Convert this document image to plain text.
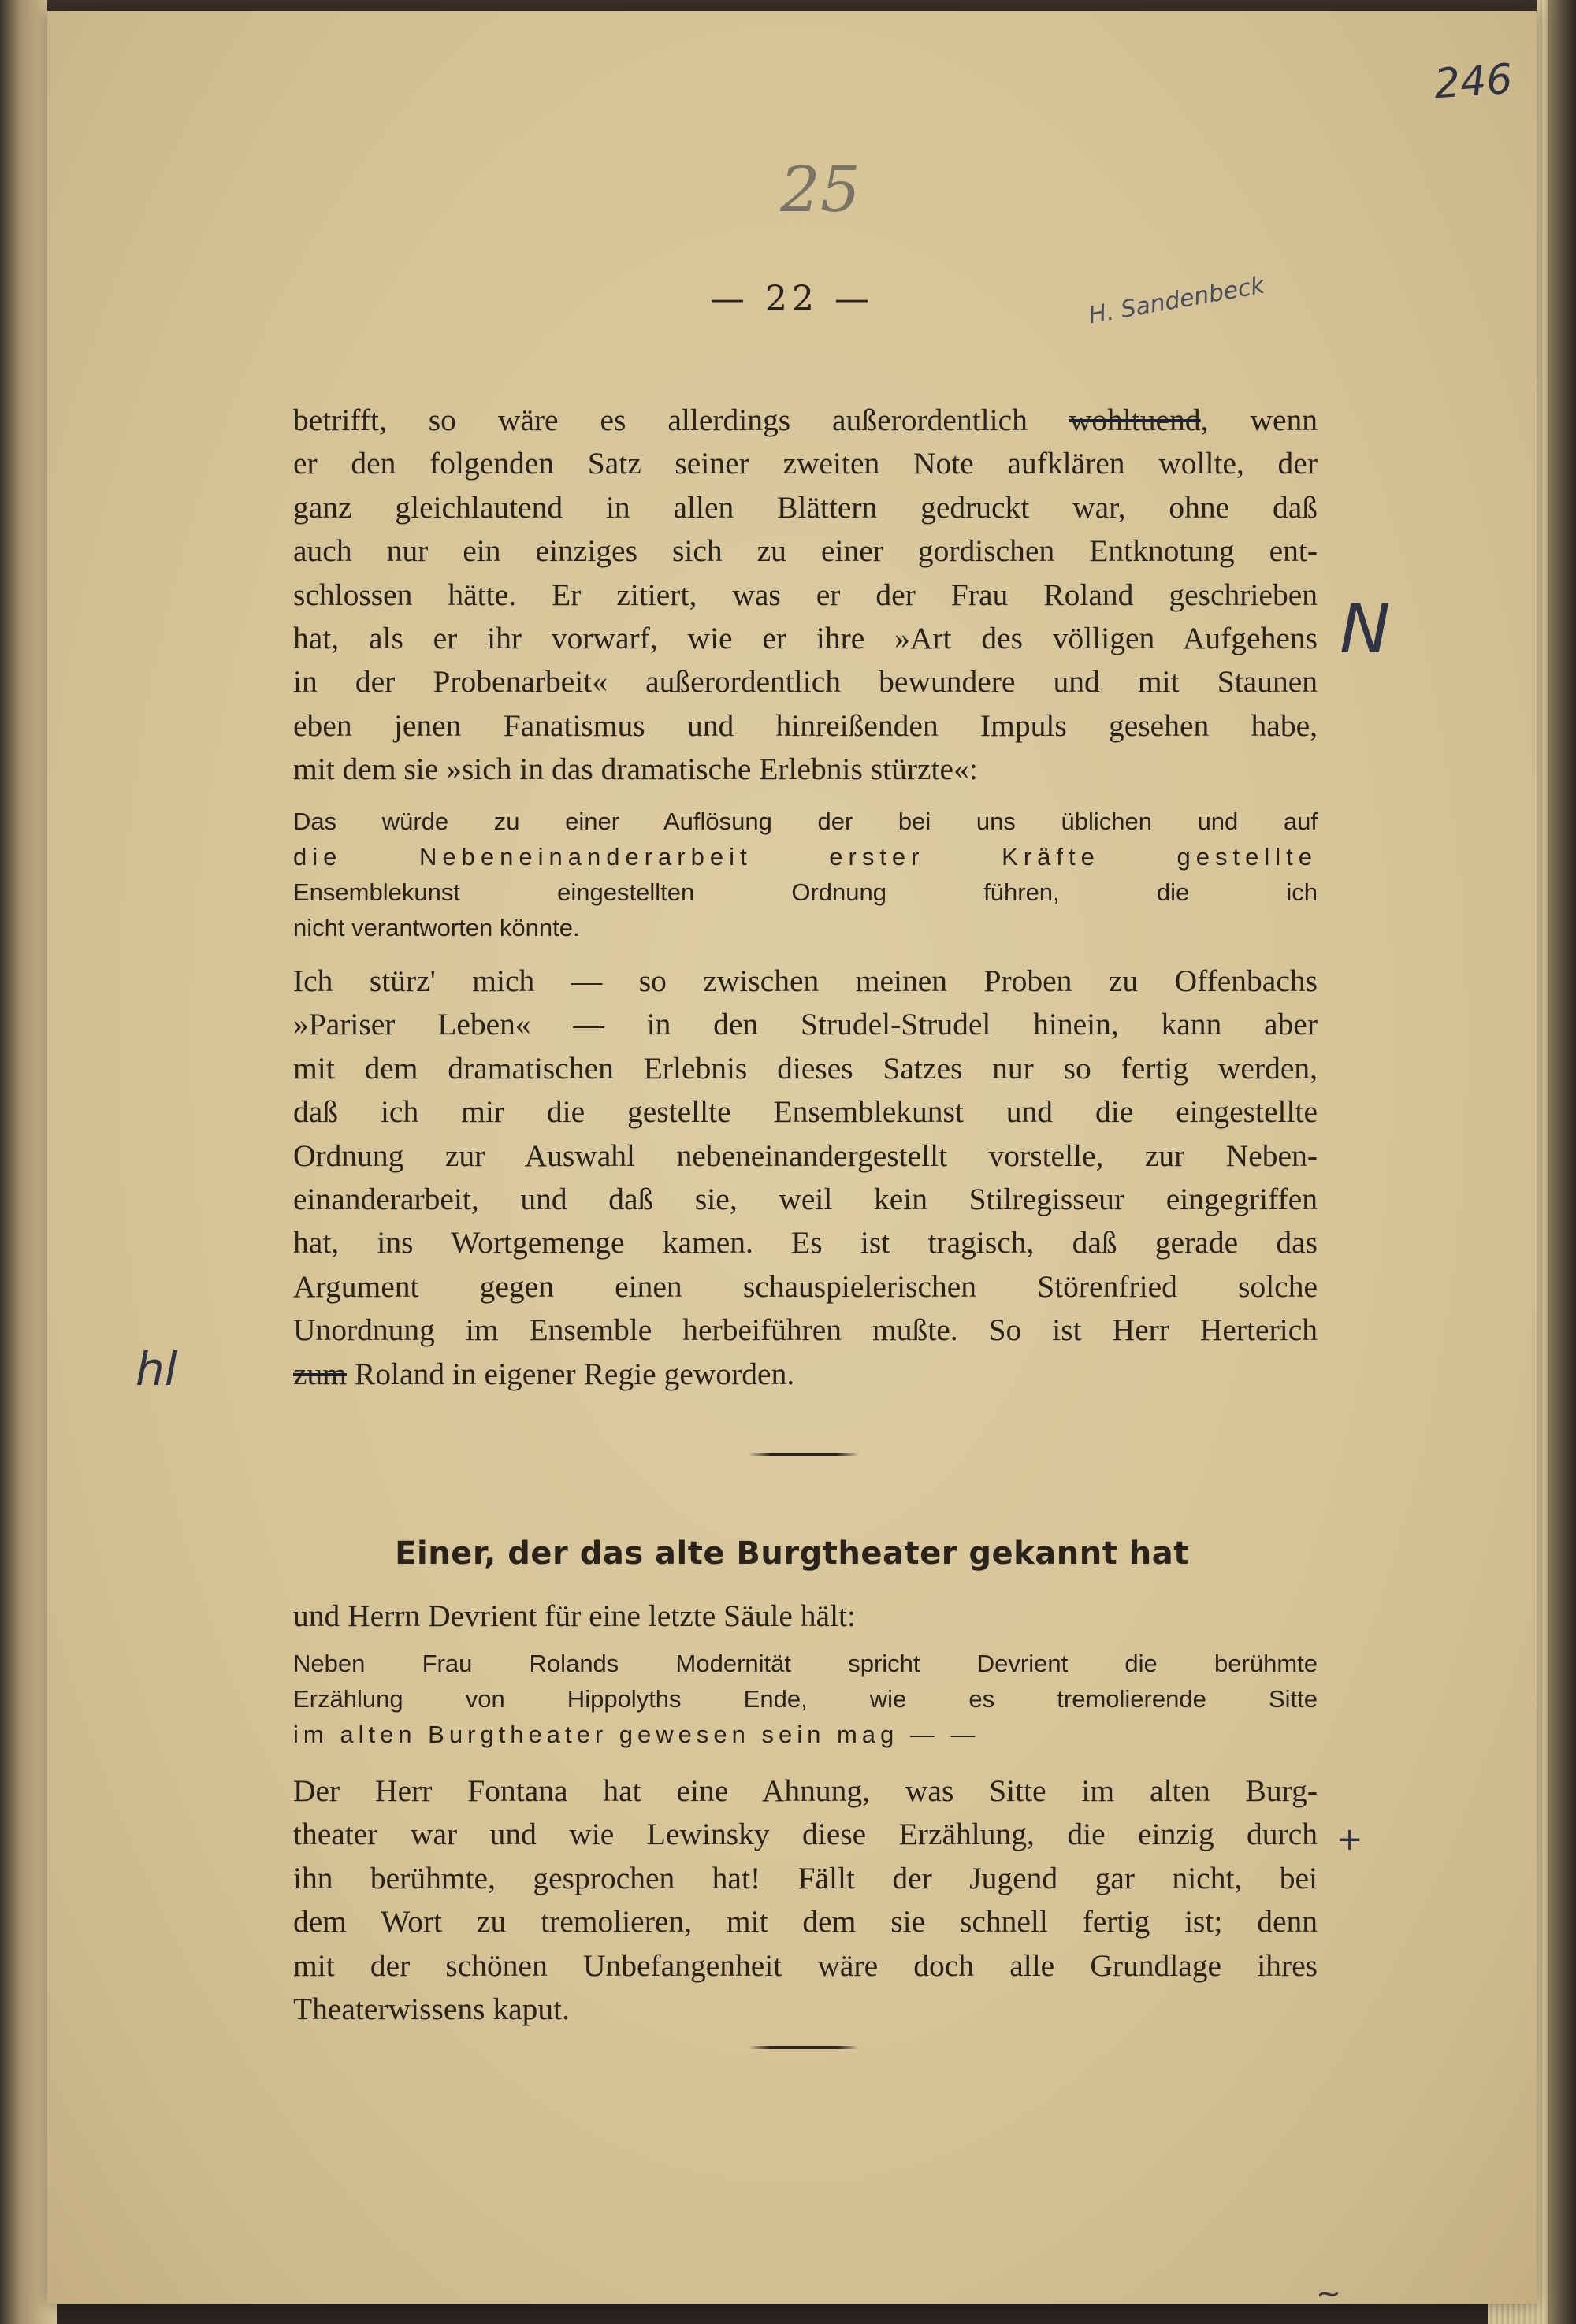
246
25
H. Sandenbeck
N
hl
+
~
— 22 —
betrifft, so wäre es allerdings außerordentlich wohltuend, wenn
er den folgenden Satz seiner zweiten Note aufklären wollte, der
ganz gleichlautend in allen Blättern gedruckt war, ohne daß
auch nur ein einziges sich zu einer gordischen Entknotung ent-
schlossen hätte. Er zitiert, was er der Frau Roland geschrieben
hat, als er ihr vorwarf, wie er ihre »Art des völligen Aufgehens
in der Probenarbeit« außerordentlich bewundere und mit Staunen
eben jenen Fanatismus und hinreißenden Impuls gesehen habe,
mit dem sie »sich in das dramatische Erlebnis stürzte«:
Das würde zu einer Auflösung der bei uns üblichen und auf
die Nebeneinanderarbeit erster Kräfte gestellte
Ensemblekunst eingestellten Ordnung führen, die ich
nicht verantworten könnte.
Ich stürz' mich — so zwischen meinen Proben zu Offenbachs
»Pariser Leben« — in den Strudel-Strudel hinein, kann aber
mit dem dramatischen Erlebnis dieses Satzes nur so fertig werden,
daß ich mir die gestellte Ensemblekunst und die eingestellte
Ordnung zur Auswahl nebeneinandergestellt vorstelle, zur Neben-
einanderarbeit, und daß sie, weil kein Stilregisseur eingegriffen
hat, ins Wortgemenge kamen. Es ist tragisch, daß gerade das
Argument gegen einen schauspielerischen Störenfried solche
Unordnung im Ensemble herbeiführen mußte. So ist Herr Herterich
zum Roland in eigener Regie geworden.
Einer, der das alte Burgtheater gekannt hat
und Herrn Devrient für eine letzte Säule hält:
Neben Frau Rolands Modernität spricht Devrient die berühmte
Erzählung von Hippolyths Ende, wie es tremolierende Sitte
im alten Burgtheater gewesen sein mag — —
Der Herr Fontana hat eine Ahnung, was Sitte im alten Burg-
theater war und wie Lewinsky diese Erzählung, die einzig durch
ihn berühmte, gesprochen hat! Fällt der Jugend gar nicht, bei
dem Wort zu tremolieren, mit dem sie schnell fertig ist; denn
mit der schönen Unbefangenheit wäre doch alle Grundlage ihres
Theaterwissens kaput.
